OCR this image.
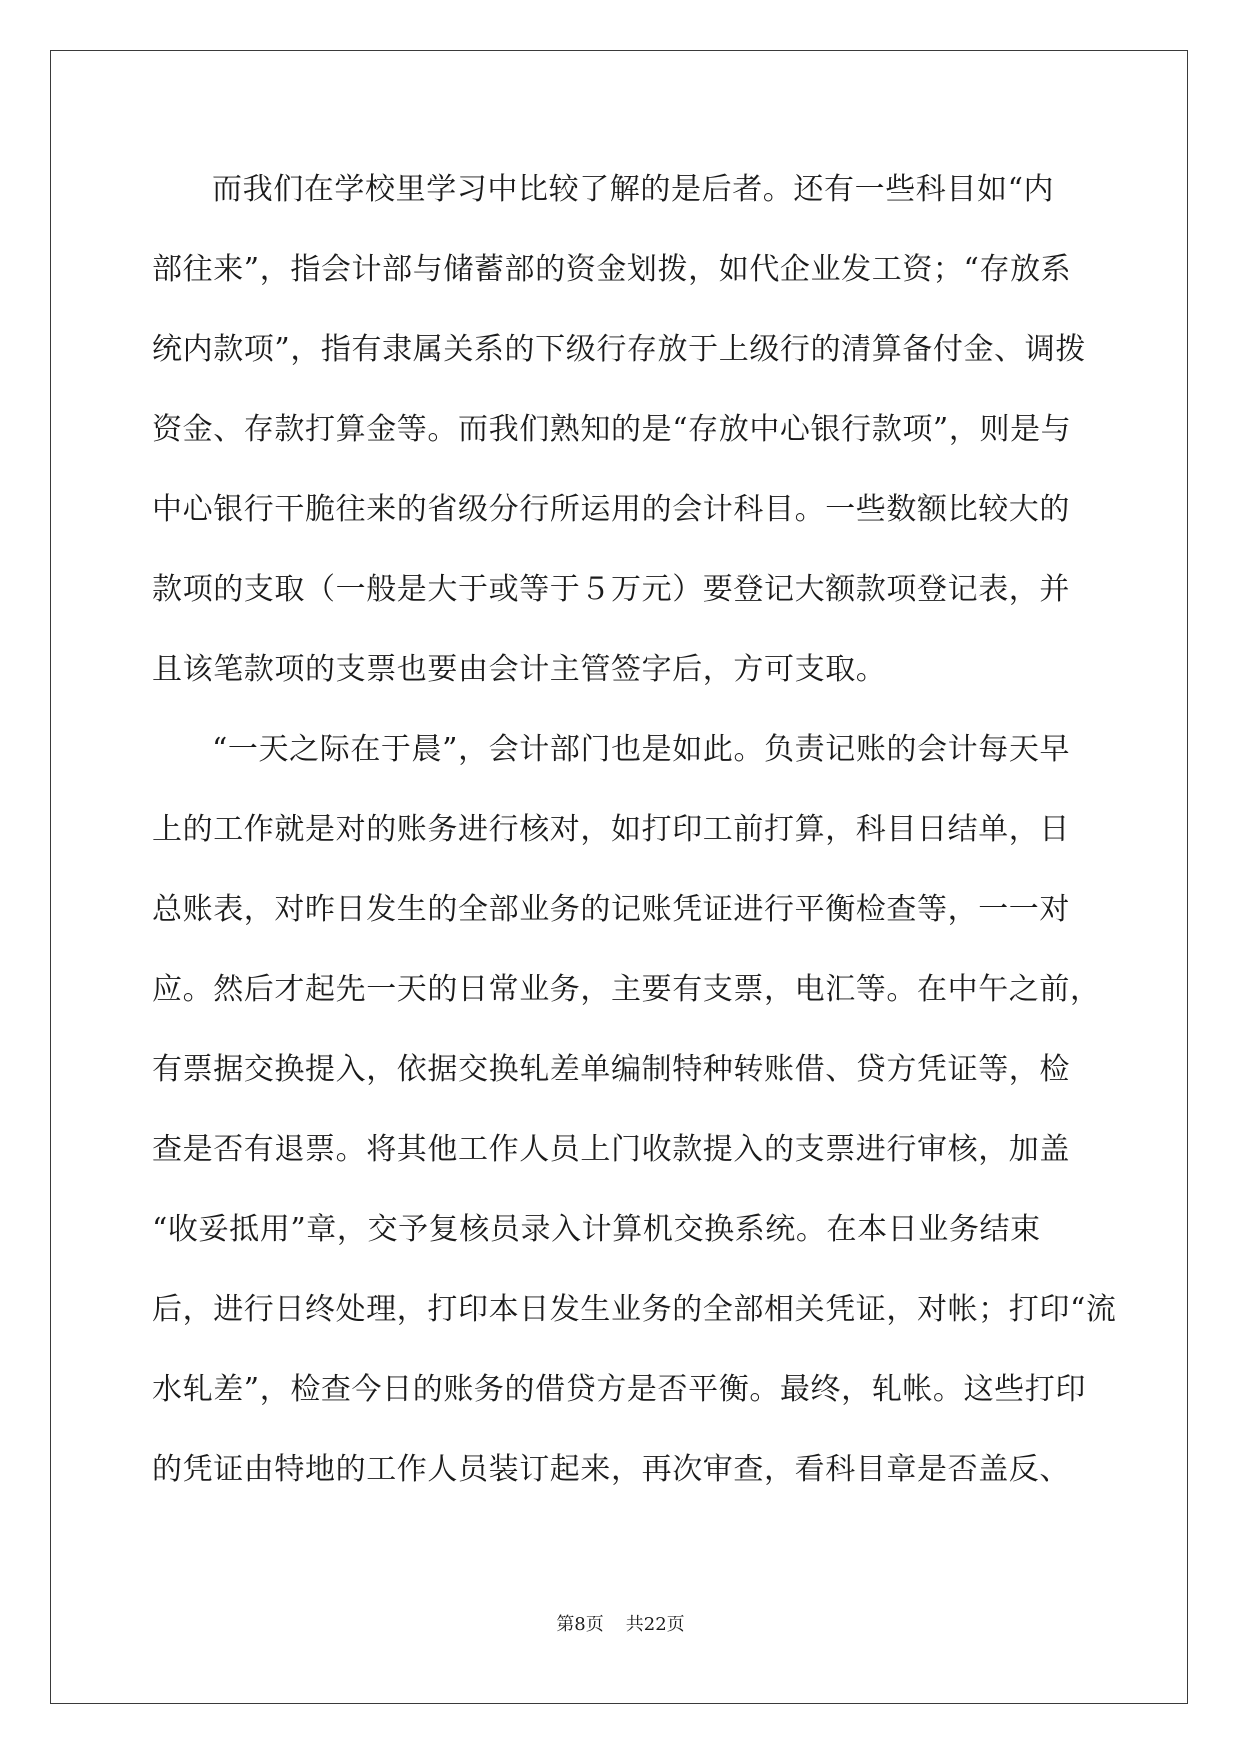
而我们在学校里学习中比较了解的是后者。还有一些科目如“内
部往来”，指会计部与储蓄部的资金划拨，如代企业发工资；“存放系
统内款项”，指有隶属关系的下级行存放于上级行的清算备付金、调拨
资金、存款打算金等。而我们熟知的是“存放中心银行款项”，则是与
中心银行干脆往来的省级分行所运用的会计科目。一些数额比较大的
款项的支取（一般是大于或等于５万元）要登记大额款项登记表，并
且该笔款项的支票也要由会计主管签字后，方可支取。
“一天之际在于晨”，会计部门也是如此。负责记账的会计每天早
上的工作就是对的账务进行核对，如打印工前打算，科目日结单，日
总账表，对昨日发生的全部业务的记账凭证进行平衡检查等，一一对
应。然后才起先一天的日常业务，主要有支票，电汇等。在中午之前，
有票据交换提入，依据交换轧差单编制特种转账借、贷方凭证等，检
查是否有退票。将其他工作人员上门收款提入的支票进行审核，加盖
“收妥抵用”章，交予复核员录入计算机交换系统。在本日业务结束
后，进行日终处理，打印本日发生业务的全部相关凭证，对帐；打印“流
水轧差”，检查今日的账务的借贷方是否平衡。最终，轧帐。这些打印
的凭证由特地的工作人员装订起来，再次审查，看科目章是否盖反、
第8页 共22页
